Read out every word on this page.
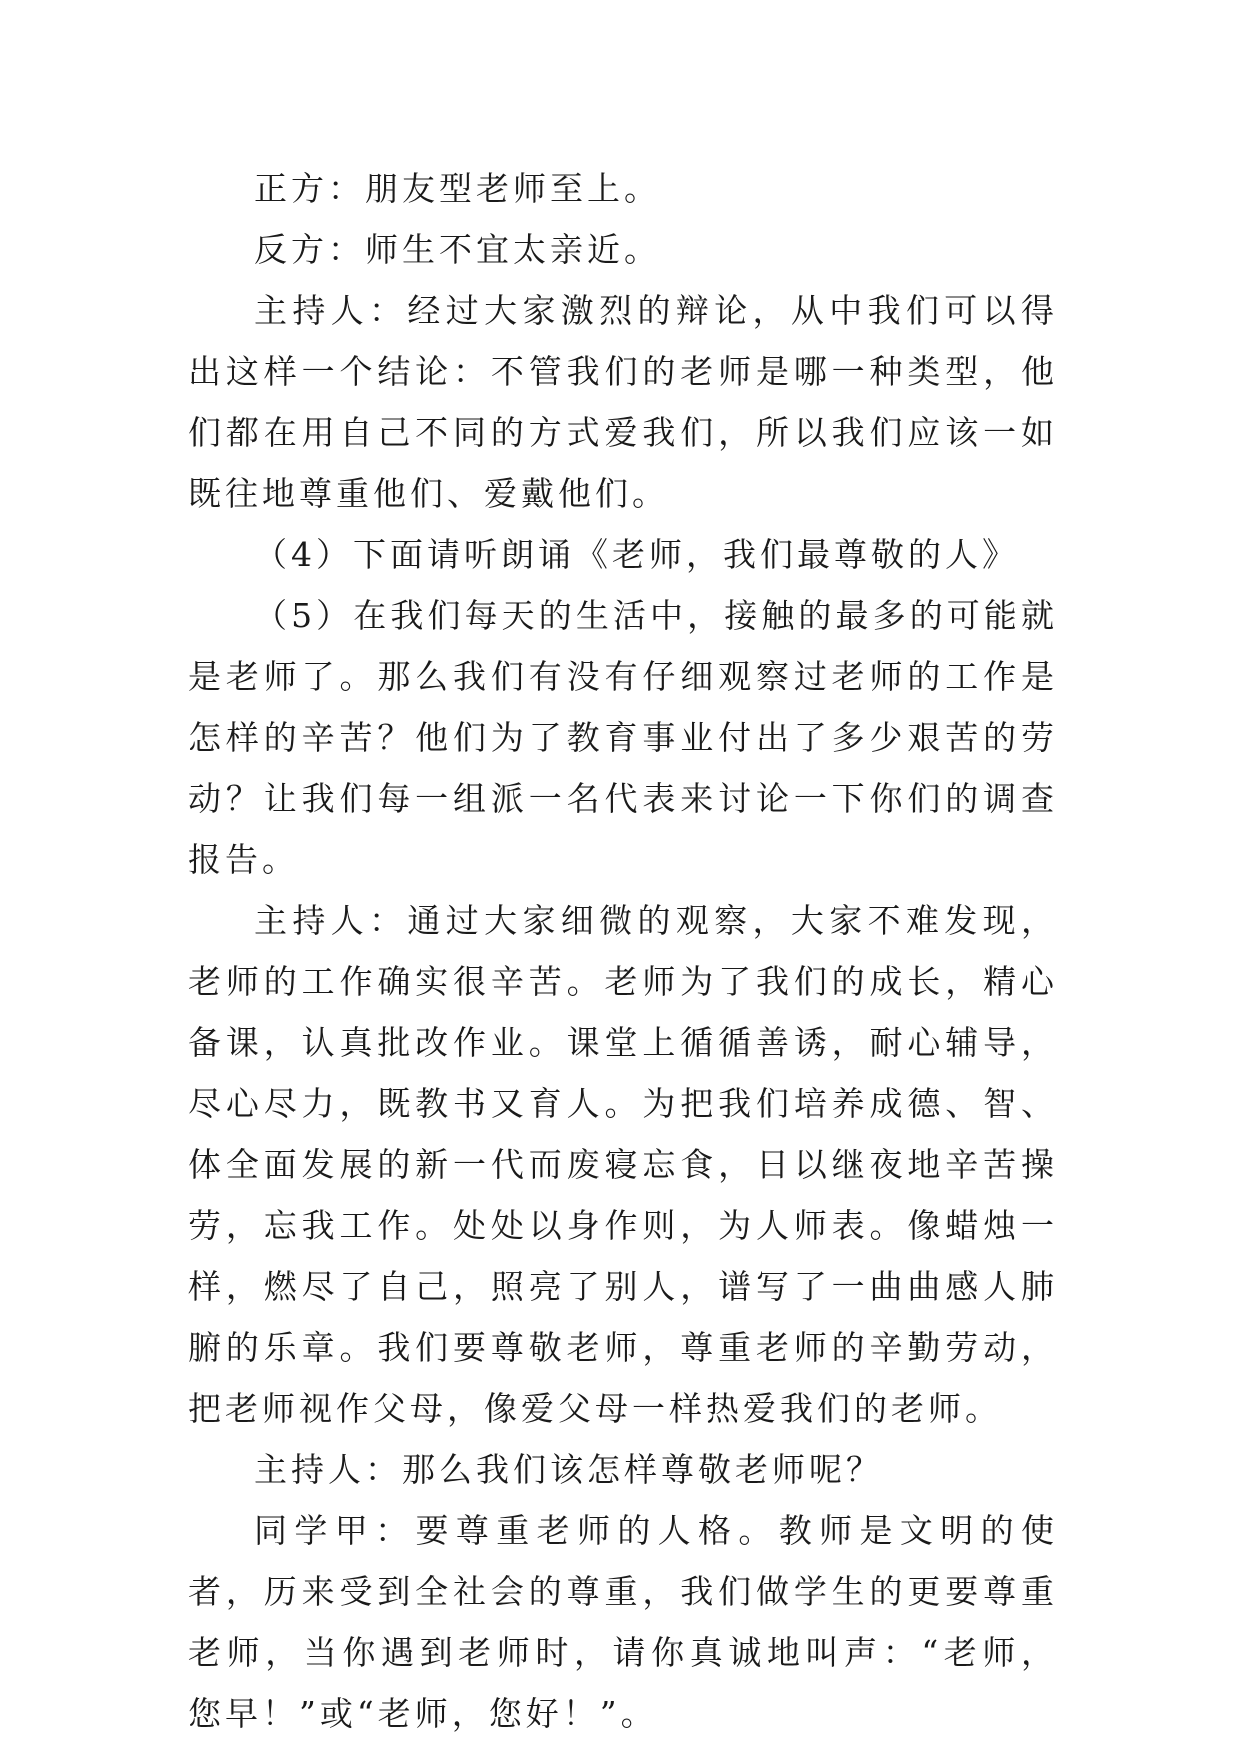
正方：朋友型老师至上。

反方：师生不宜太亲近。

主持人：经过大家激烈的辩论，从中我们可以得出这样一个结论：不管我们的老师是哪一种类型，他们都在用自己不同的方式爱我们，所以我们应该一如既往地尊重他们、爱戴他们。

（4）下面请听朗诵《老师，我们最尊敬的人》

（5）在我们每天的生活中，接触的最多的可能就是老师了。那么我们有没有仔细观察过老师的工作是怎样的辛苦？他们为了教育事业付出了多少艰苦的劳动？让我们每一组派一名代表来讨论一下你们的调查报告。

主持人：通过大家细微的观察，大家不难发现，老师的工作确实很辛苦。老师为了我们的成长，精心备课，认真批改作业。课堂上循循善诱，耐心辅导，尽心尽力，既教书又育人。为把我们培养成德、智、体全面发展的新一代而废寝忘食，日以继夜地辛苦操劳，忘我工作。处处以身作则，为人师表。像蜡烛一样，燃尽了自己，照亮了别人，谱写了一曲曲感人肺腑的乐章。我们要尊敬老师，尊重老师的辛勤劳动，把老师视作父母，像爱父母一样热爱我们的老师。

主持人：那么我们该怎样尊敬老师呢？

同学甲：要尊重老师的人格。教师是文明的使者，历来受到全社会的尊重，我们做学生的更要尊重老师，当你遇到老师时，请你真诚地叫声：“老师，您早！”或“老师，您好！”。
